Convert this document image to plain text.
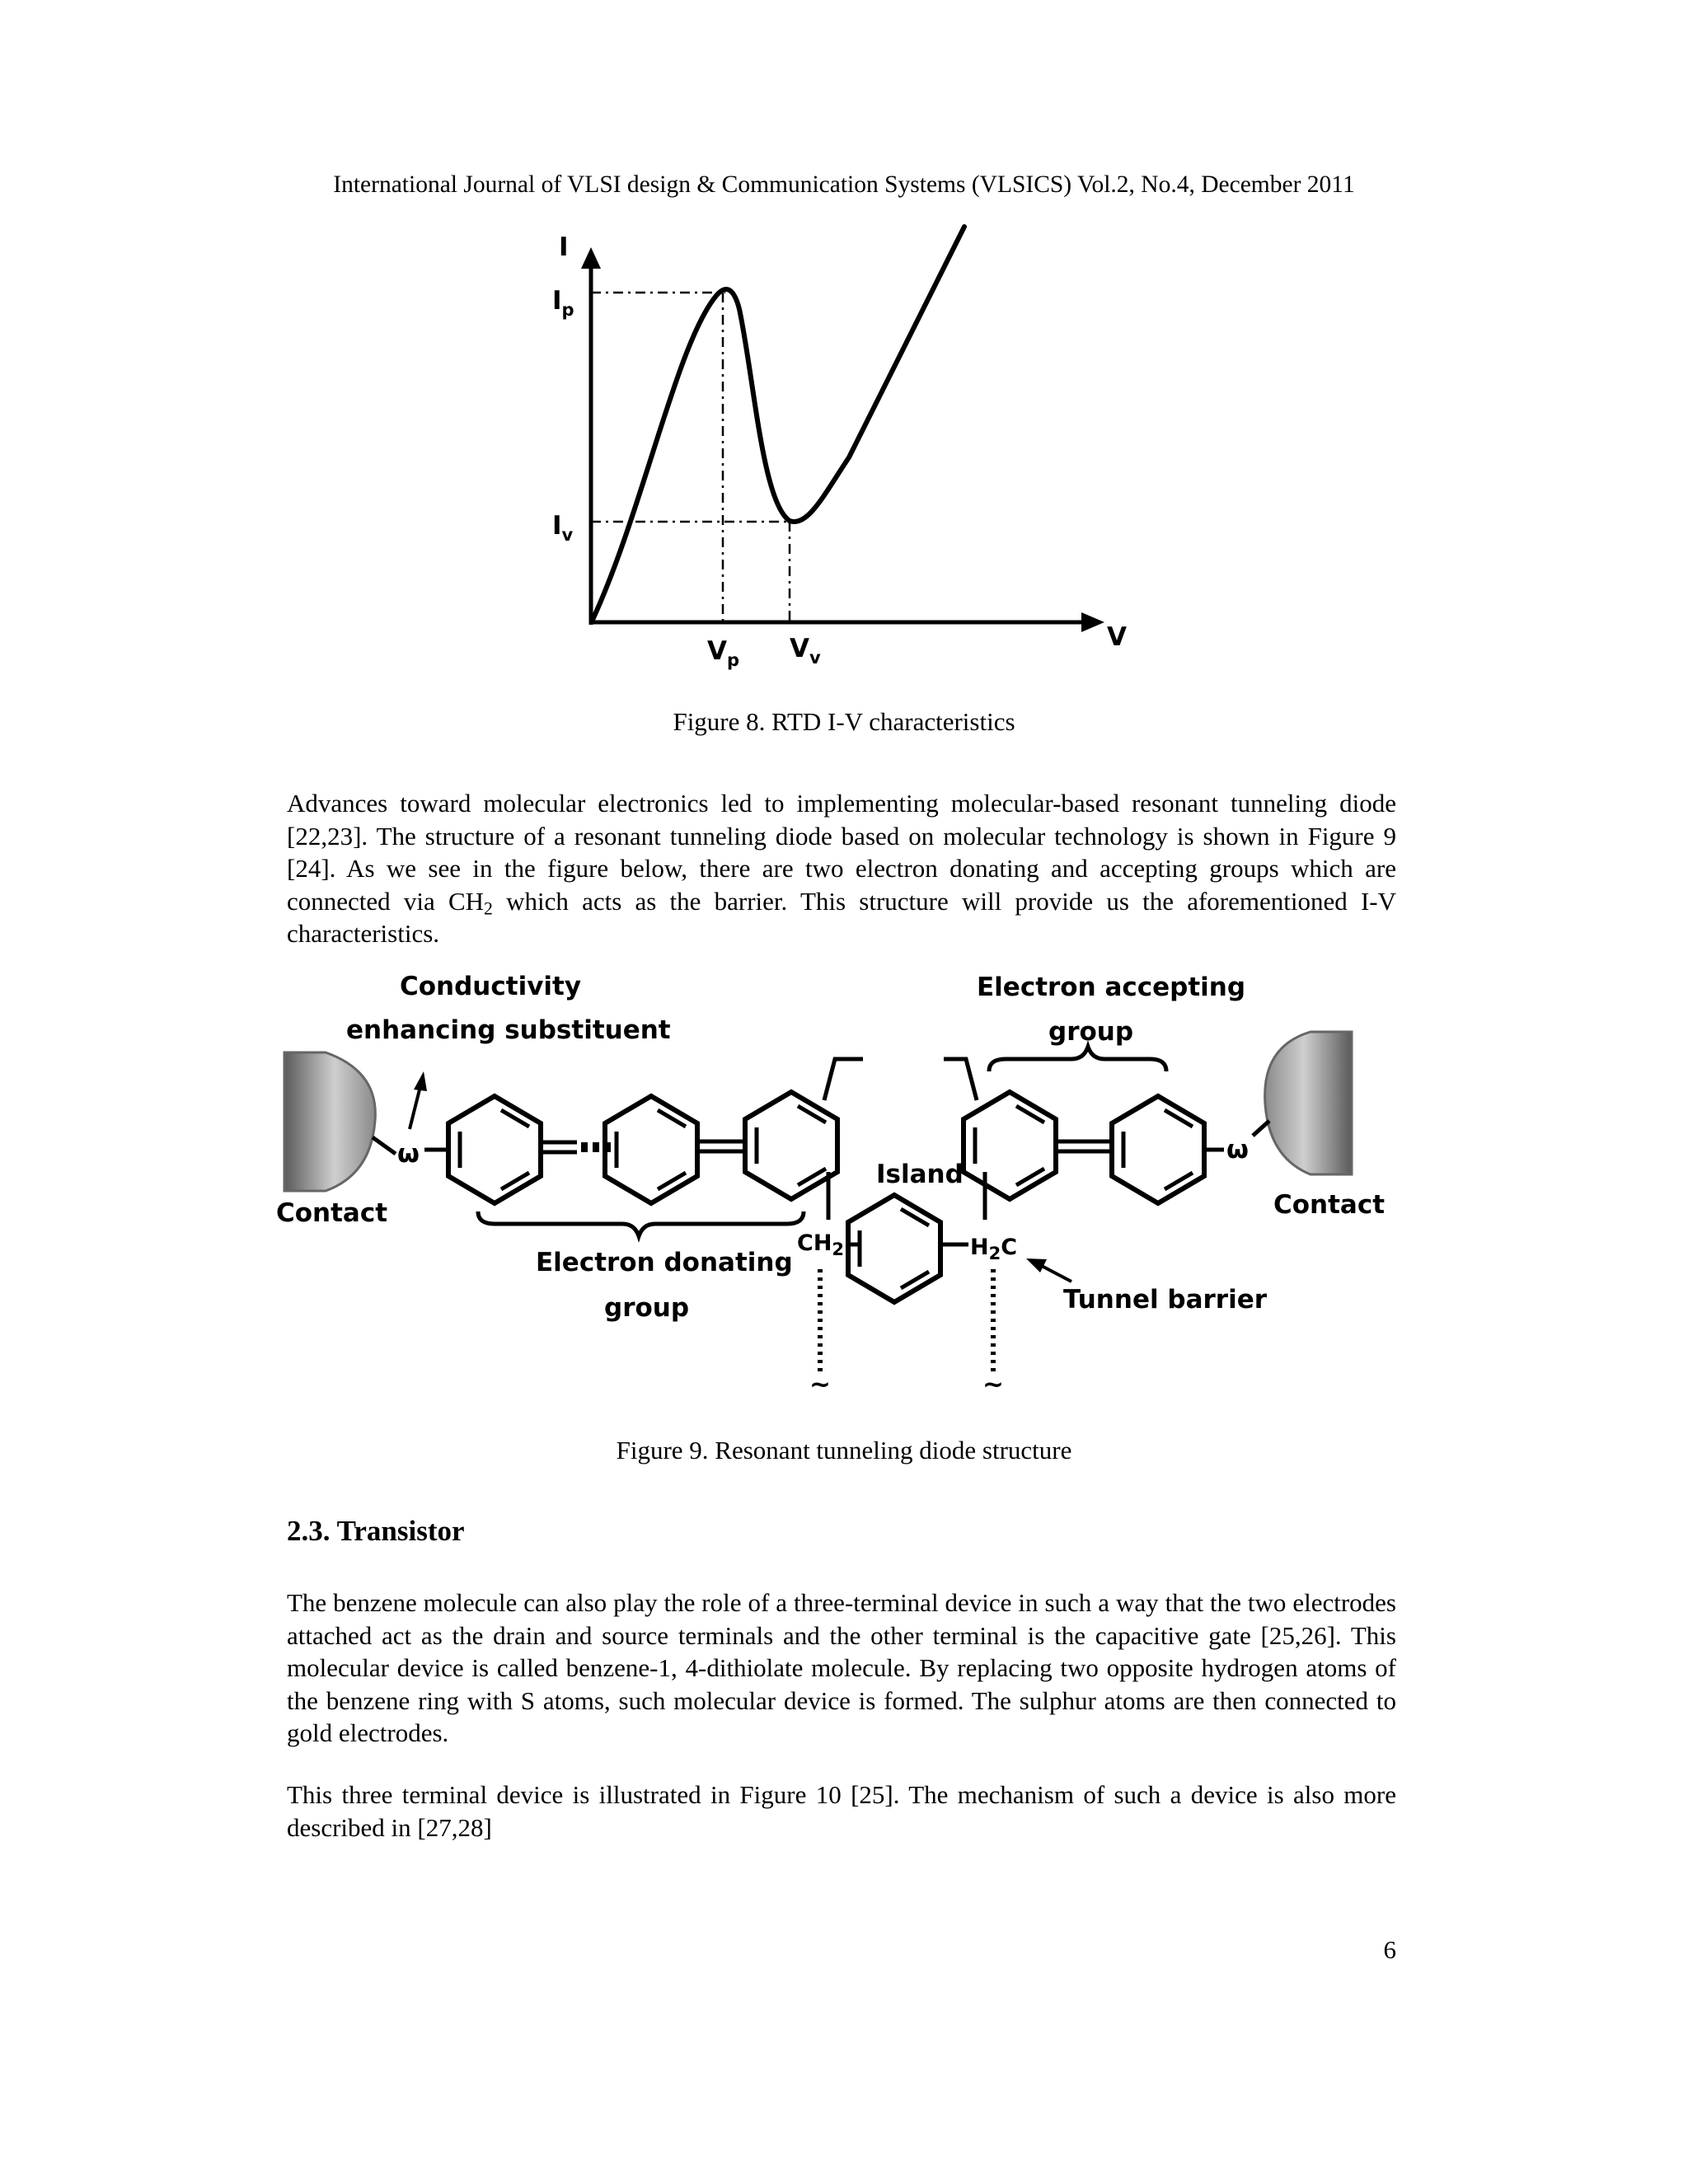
International Journal of VLSI design & Communication Systems (VLSICS) Vol.2, No.4, December 2011
I
V
Ip
Iv
Vp Vv
Figure 8. RTD I-V characteristics
Advances toward molecular electronics led to implementing molecular-based resonant tunneling diode [22,23]. The structure of a resonant tunneling diode based on molecular technology is shown in Figure 9 [24]. As we see in the figure below, there are two electron donating and accepting groups which are connected via $CH_2$ which acts as the barrier. This structure will provide us the aforementioned I-V characteristics.
Conductivity
enhancing substituent
Electron accepting
group
Electron donating
group
Island
Tunnel barrier
Contact	Contact
ω	ω
CH2	H2C
~	~
Figure 9. Resonant tunneling diode structure
2.3. Transistor
The benzene molecule can also play the role of a three-terminal device in such a way that the two electrodes attached act as the drain and source terminals and the other terminal is the capacitive gate [25,26]. This molecular device is called benzene-1, 4-dithiolate molecule. By replacing two opposite hydrogen atoms of the benzene ring with S atoms, such molecular device is formed. The sulphur atoms are then connected to gold electrodes.
This three terminal device is illustrated in Figure 10 [25]. The mechanism of such a device is also more described in [27,28]
6
